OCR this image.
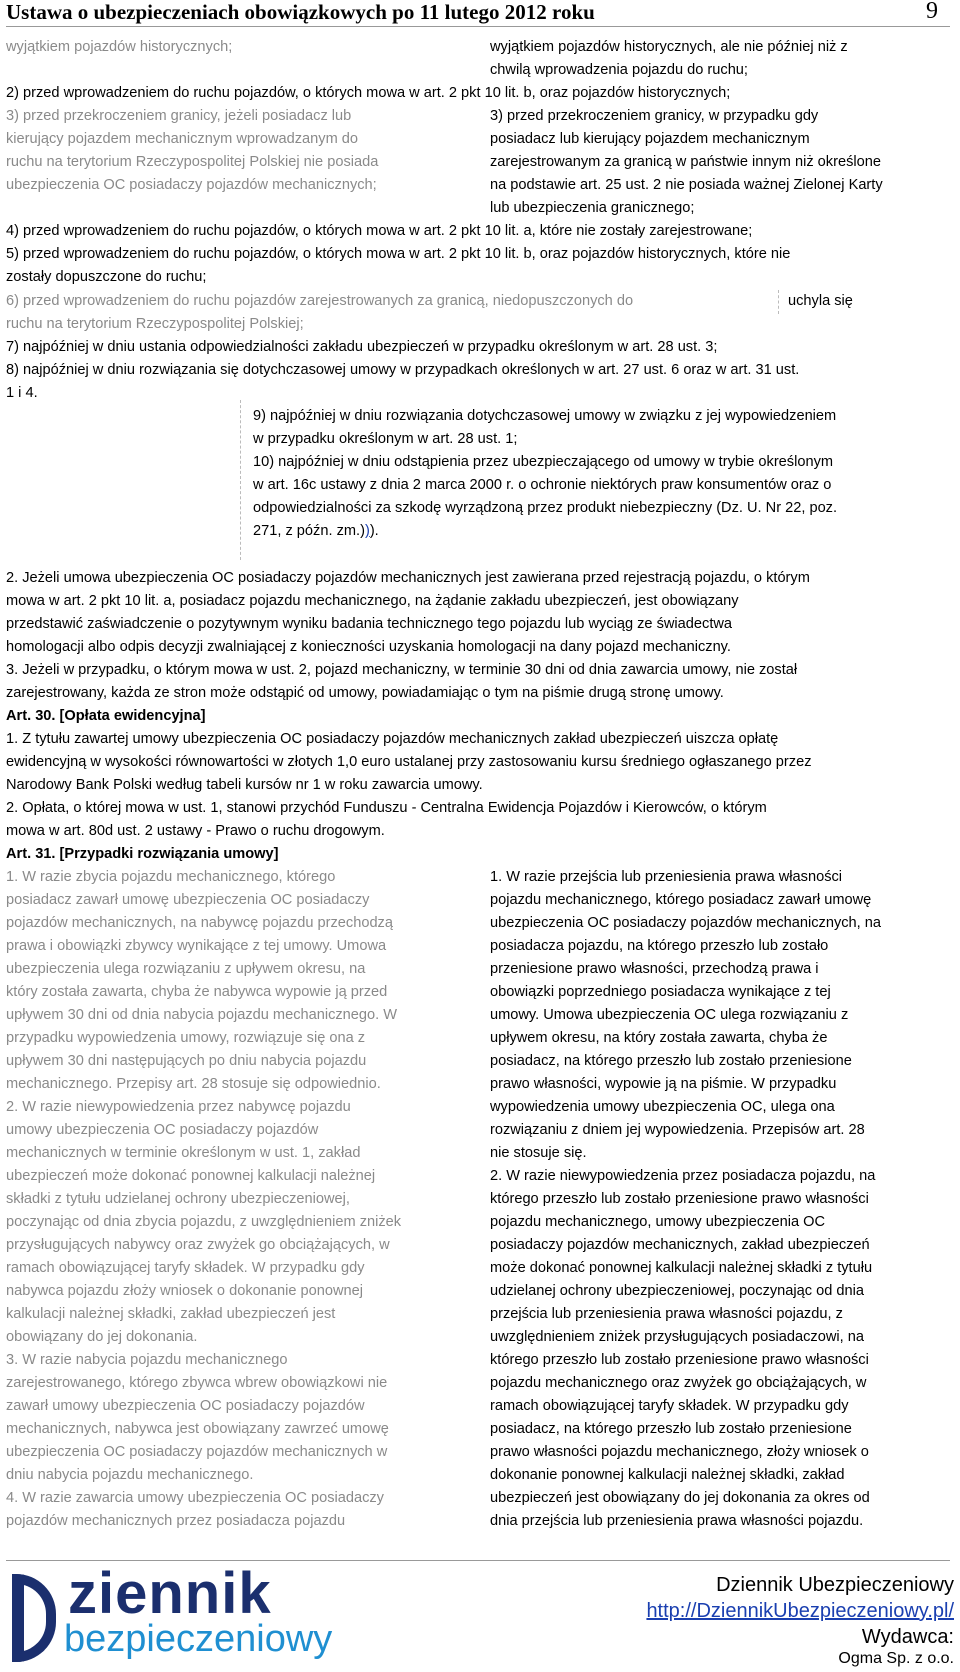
Ustawa o ubezpieczeniach obowiązkowych po 11 lutego 2012 roku	9
wyjątkiem pojazdów historycznych;	wyjątkiem pojazdów historycznych, ale nie później niż z
chwilą wprowadzenia pojazdu do ruchu;
2) przed wprowadzeniem do ruchu pojazdów, o których mowa w art. 2 pkt 10 lit. b, oraz pojazdów historycznych;
3) przed przekroczeniem granicy, jeżeli posiadacz lub
kierujący pojazdem mechanicznym wprowadzanym do
ruchu na terytorium Rzeczypospolitej Polskiej nie posiada
ubezpieczenia OC posiadaczy pojazdów mechanicznych;
3) przed przekroczeniem granicy, w przypadku gdy
posiadacz lub kierujący pojazdem mechanicznym
zarejestrowanym za granicą w państwie innym niż określone
na podstawie art. 25 ust. 2 nie posiada ważnej Zielonej Karty
lub ubezpieczenia granicznego;
4) przed wprowadzeniem do ruchu pojazdów, o których mowa w art. 2 pkt 10 lit. a, które nie zostały zarejestrowane;
5) przed wprowadzeniem do ruchu pojazdów, o których mowa w art. 2 pkt 10 lit. b, oraz pojazdów historycznych, które nie
zostały dopuszczone do ruchu;
6) przed wprowadzeniem do ruchu pojazdów zarejestrowanych za granicą, niedopuszczonych do
ruchu na terytorium Rzeczypospolitej Polskiej;
uchyla się
7) najpóźniej w dniu ustania odpowiedzialności zakładu ubezpieczeń w przypadku określonym w art. 28 ust. 3;
8) najpóźniej w dniu rozwiązania się dotychczasowej umowy w przypadkach określonych w art. 27 ust. 6 oraz w art. 31 ust.
1 i 4.
9) najpóźniej w dniu rozwiązania dotychczasowej umowy w związku z jej wypowiedzeniem
w przypadku określonym w art. 28 ust. 1;
10) najpóźniej w dniu odstąpienia przez ubezpieczającego od umowy w trybie określonym
w art. 16c ustawy z dnia 2 marca 2000 r. o ochronie niektórych praw konsumentów oraz o
odpowiedzialności za szkodę wyrządzoną przez produkt niebezpieczny (Dz. U. Nr 22, poz.
271, z późn. zm.))).
2. Jeżeli umowa ubezpieczenia OC posiadaczy pojazdów mechanicznych jest zawierana przed rejestracją pojazdu, o którym
mowa w art. 2 pkt 10 lit. a, posiadacz pojazdu mechanicznego, na żądanie zakładu ubezpieczeń, jest obowiązany
przedstawić zaświadczenie o pozytywnym wyniku badania technicznego tego pojazdu lub wyciąg ze świadectwa
homologacji albo odpis decyzji zwalniającej z konieczności uzyskania homologacji na dany pojazd mechaniczny.
3. Jeżeli w przypadku, o którym mowa w ust. 2, pojazd mechaniczny, w terminie 30 dni od dnia zawarcia umowy, nie został
zarejestrowany, każda ze stron może odstąpić od umowy, powiadamiając o tym na piśmie drugą stronę umowy.
Art. 30. [Opłata ewidencyjna]
1. Z tytułu zawartej umowy ubezpieczenia OC posiadaczy pojazdów mechanicznych zakład ubezpieczeń uiszcza opłatę
ewidencyjną w wysokości równowartości w złotych 1,0 euro ustalanej przy zastosowaniu kursu średniego ogłaszanego przez
Narodowy Bank Polski według tabeli kursów nr 1 w roku zawarcia umowy.
2. Opłata, o której mowa w ust. 1, stanowi przychód Funduszu - Centralna Ewidencja Pojazdów i Kierowców, o którym
mowa w art. 80d ust. 2 ustawy - Prawo o ruchu drogowym.
Art. 31. [Przypadki rozwiązania umowy]
1. W razie zbycia pojazdu mechanicznego, którego
posiadacz zawarł umowę ubezpieczenia OC posiadaczy
pojazdów mechanicznych, na nabywcę pojazdu przechodzą
prawa i obowiązki zbywcy wynikające z tej umowy. Umowa
ubezpieczenia ulega rozwiązaniu z upływem okresu, na
który została zawarta, chyba że nabywca wypowie ją przed
upływem 30 dni od dnia nabycia pojazdu mechanicznego. W
przypadku wypowiedzenia umowy, rozwiązuje się ona z
upływem 30 dni następujących po dniu nabycia pojazdu
mechanicznego. Przepisy art. 28 stosuje się odpowiednio.
2. W razie niewypowiedzenia przez nabywcę pojazdu
umowy ubezpieczenia OC posiadaczy pojazdów
mechanicznych w terminie określonym w ust. 1, zakład
ubezpieczeń może dokonać ponownej kalkulacji należnej
składki z tytułu udzielanej ochrony ubezpieczeniowej,
poczynając od dnia zbycia pojazdu, z uwzględnieniem zniżek
przysługujących nabywcy oraz zwyżek go obciążających, w
ramach obowiązującej taryfy składek. W przypadku gdy
nabywca pojazdu złoży wniosek o dokonanie ponownej
kalkulacji należnej składki, zakład ubezpieczeń jest
obowiązany do jej dokonania.
3. W razie nabycia pojazdu mechanicznego
zarejestrowanego, którego zbywca wbrew obowiązkowi nie
zawarł umowy ubezpieczenia OC posiadaczy pojazdów
mechanicznych, nabywca jest obowiązany zawrzeć umowę
ubezpieczenia OC posiadaczy pojazdów mechanicznych w
dniu nabycia pojazdu mechanicznego.
4. W razie zawarcia umowy ubezpieczenia OC posiadaczy
pojazdów mechanicznych przez posiadacza pojazdu
1. W razie przejścia lub przeniesienia prawa własności
pojazdu mechanicznego, którego posiadacz zawarł umowę
ubezpieczenia OC posiadaczy pojazdów mechanicznych, na
posiadacza pojazdu, na którego przeszło lub zostało
przeniesione prawo własności, przechodzą prawa i
obowiązki poprzedniego posiadacza wynikające z tej
umowy. Umowa ubezpieczenia OC ulega rozwiązaniu z
upływem okresu, na który została zawarta, chyba że
posiadacz, na którego przeszło lub zostało przeniesione
prawo własności, wypowie ją na piśmie. W przypadku
wypowiedzenia umowy ubezpieczenia OC, ulega ona
rozwiązaniu z dniem jej wypowiedzenia. Przepisów art. 28
nie stosuje się.
2. W razie niewypowiedzenia przez posiadacza pojazdu, na
którego przeszło lub zostało przeniesione prawo własności
pojazdu mechanicznego, umowy ubezpieczenia OC
posiadaczy pojazdów mechanicznych, zakład ubezpieczeń
może dokonać ponownej kalkulacji należnej składki z tytułu
udzielanej ochrony ubezpieczeniowej, poczynając od dnia
przejścia lub przeniesienia prawa własności pojazdu, z
uwzględnieniem zniżek przysługujących posiadaczowi, na
którego przeszło lub zostało przeniesione prawo własności
pojazdu mechanicznego oraz zwyżek go obciążających, w
ramach obowiązującej taryfy składek. W przypadku gdy
posiadacz, na którego przeszło lub zostało przeniesione
prawo własności pojazdu mechanicznego, złoży wniosek o
dokonanie ponownej kalkulacji należnej składki, zakład
ubezpieczeń jest obowiązany do jej dokonania za okres od
dnia przejścia lub przeniesienia prawa własności pojazdu.
ziennik
bezpieczeniowy
Dziennik Ubezpieczeniowy
http://DziennikUbezpieczeniowy.pl/
Wydawca:
Ogma Sp. z o.o.
